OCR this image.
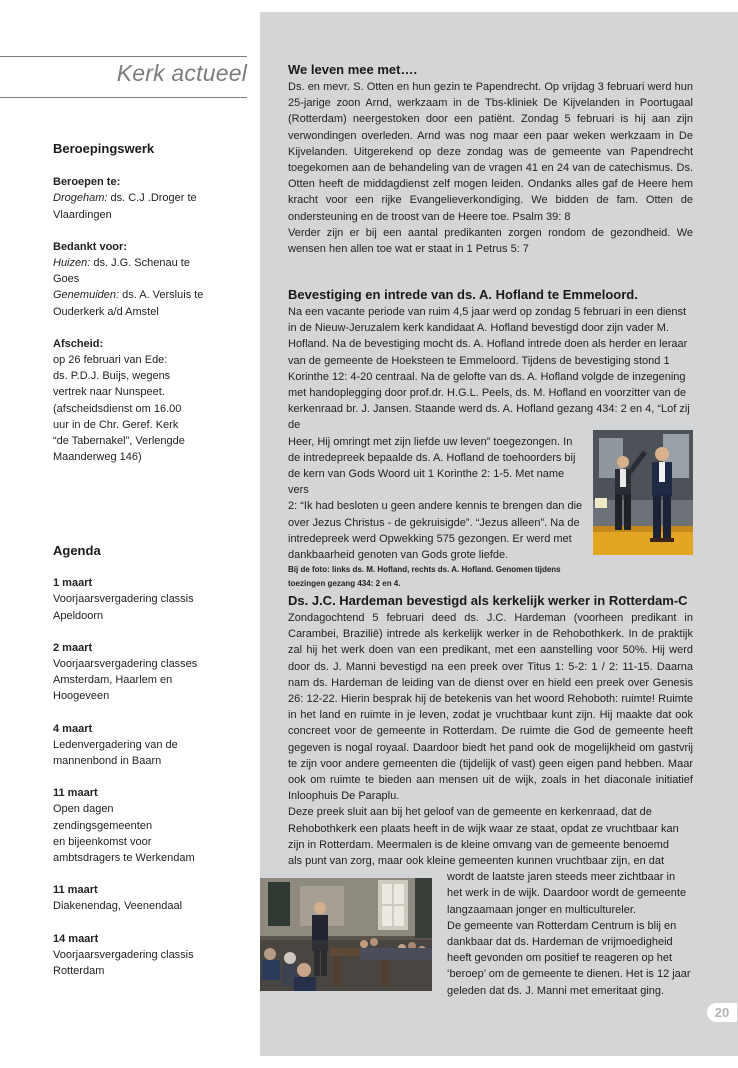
Kerk actueel
Beroepingswerk
Beroepen te:
Drogeham: ds. C.J .Droger te
Vlaardingen
Bedankt voor:
Huizen: ds. J.G. Schenau te
Goes
Genemuiden: ds. A. Versluis te
Ouderkerk a/d Amstel
Afscheid:
op 26 februari van Ede:
ds. P.D.J. Buijs, wegens
vertrek naar Nunspeet.
(afscheidsdienst om 16.00
uur in de Chr. Geref. Kerk
“de Tabernakel”, Verlengde
Maanderweg 146)
Agenda
1 maart
Voorjaarsvergadering classis
Apeldoorn
2 maart
Voorjaarsvergadering classes
Amsterdam, Haarlem en
Hoogeveen
4 maart
Ledenvergadering van de
mannenbond in Baarn
11 maart
Open dagen
zendingsgemeenten
en bijeenkomst voor
ambtsdragers te Werkendam
11 maart
Diakenendag, Veenendaal
14 maart
Voorjaarsvergadering classis
Rotterdam
We leven mee met….
Ds. en mevr. S. Otten en hun gezin te Papendrecht. Op vrijdag 3 februari werd hun 25-jarige zoon Arnd, werkzaam in de Tbs-kliniek De Kijvelanden in Poortugaal (Rotterdam) neergestoken door een patiënt. Zondag 5 februari is hij aan zijn verwondingen overleden. Arnd was nog maar een paar weken werkzaam in De Kijvelanden. Uitgerekend op deze zondag was de gemeente van Papendrecht toegekomen aan de behandeling van de vragen 41 en 24 van de catechismus. Ds. Otten heeft de middagdienst zelf mogen leiden. Ondanks alles gaf de Heere hem kracht voor een rijke Evangelieverkondiging. We bidden de fam. Otten de ondersteuning en de troost van de Heere toe. Psalm 39: 8
Verder zijn er bij een aantal predikanten zorgen rondom de gezondheid. We wensen hen allen toe wat er staat in 1 Petrus 5: 7
Bevestiging en intrede van ds. A. Hofland te Emmeloord.
Na een vacante periode van ruim 4,5 jaar werd op zondag 5 februari in een dienst
in de Nieuw-Jeruzalem kerk kandidaat A. Hofland bevestigd door zijn vader M.
Hofland. Na de bevestiging mocht ds. A. Hofland intrede doen als herder en leraar
van de gemeente de Hoeksteen te Emmeloord. Tijdens de bevestiging stond 1
Korinthe 12: 4-20 centraal. Na de gelofte van ds. A. Hofland volgde de inzegening
met handoplegging door prof.dr. H.G.L. Peels, ds. M. Hofland en voorzitter van de
kerkenraad br. J. Jansen. Staande werd ds. A. Hofland gezang 434: 2 en 4, “Lof zij de
Heer, Hij omringt met zijn liefde uw leven” toegezongen. In
de intredepreek bepaalde ds. A. Hofland de toehoorders bij
de kern van Gods Woord uit 1 Korinthe 2: 1-5. Met name vers
2: “Ik had besloten u geen andere kennis te brengen dan die
over Jezus Christus - de gekruisigde”. “Jezus alleen”. Na de
intredepreek werd Opwekking 575 gezongen. Er werd met
dankbaarheid genoten van Gods grote liefde.
Bij de foto: links ds. M. Hofland, rechts ds. A. Hofland. Genomen tijdens
toezingen gezang 434: 2 en 4.
Ds. J.C. Hardeman bevestigd als kerkelijk werker in Rotterdam-C
Zondagochtend 5 februari deed ds. J.C. Hardeman (voorheen predikant in Carambei, Brazilië) intrede als kerkelijk werker in de Rehobothkerk. In de praktijk zal hij het werk doen van een predikant, met een aanstelling voor 50%. Hij werd door ds. J. Manni bevestigd na een preek over Titus 1: 5-2: 1 / 2: 11-15. Daarna nam ds. Hardeman de leiding van de dienst over en hield een preek over Genesis 26: 12-22. Hierin besprak hij de betekenis van het woord Rehoboth: ruimte! Ruimte in het land en ruimte in je leven, zodat je vruchtbaar kunt zijn. Hij maakte dat ook concreet voor de gemeente in Rotterdam. De ruimte die God de gemeente heeft gegeven is nogal royaal. Daardoor biedt het pand ook de mogelijkheid om gastvrij te zijn voor andere gemeenten die (tijdelijk of vast) geen eigen pand hebben. Maar ook om ruimte te bieden aan mensen uit de wijk, zoals in het diaconale initiatief Inloophuis De Paraplu.
Deze preek sluit aan bij het geloof van de gemeente en kerkenraad, dat de
Rehobothkerk een plaats heeft in de wijk waar ze staat, opdat ze vruchtbaar kan
zijn in Rotterdam. Meermalen is de kleine omvang van de gemeente benoemd
als punt van zorg, maar ook kleine gemeenten kunnen vruchtbaar zijn, en dat
wordt de laatste jaren steeds meer zichtbaar in
het werk in de wijk. Daardoor wordt de gemeente
langzaamaan jonger en multicultureler.
De gemeente van Rotterdam Centrum is blij en
dankbaar dat ds. Hardeman de vrijmoedigheid
heeft gevonden om positief te reageren op het
‘beroep’ om de gemeente te dienen. Het is 12 jaar
geleden dat ds. J. Manni met emeritaat ging.
20
